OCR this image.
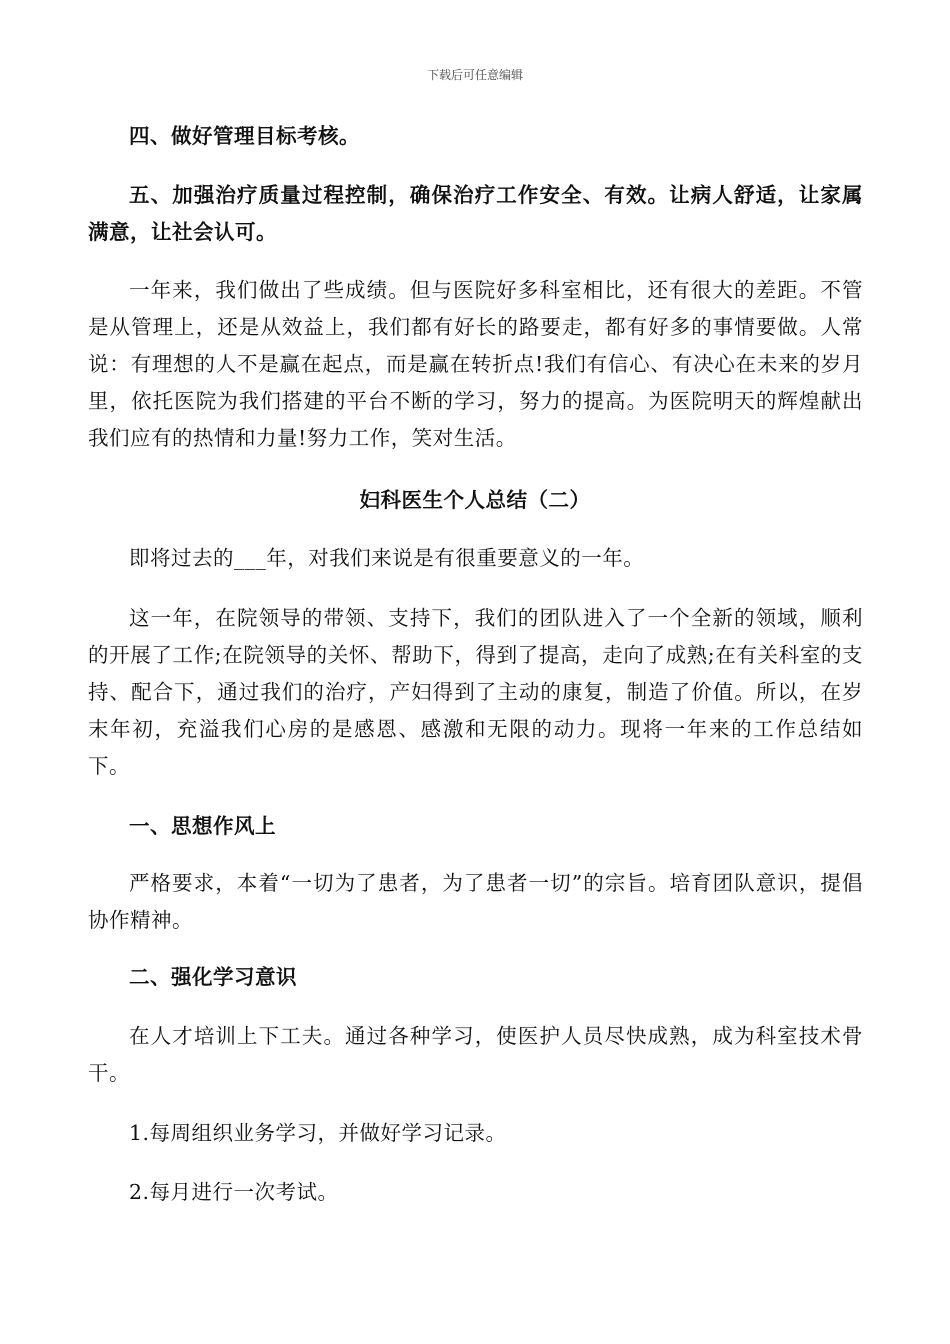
下载后可任意编辑
四、做好管理目标考核。
五、加强治疗质量过程控制，确保治疗工作安全、有效。让病人舒适，让家属满意，让社会认可。
一年来，我们做出了些成绩。但与医院好多科室相比，还有很大的差距。不管是从管理上，还是从效益上，我们都有好长的路要走，都有好多的事情要做。人常说：有理想的人不是赢在起点，而是赢在转折点!我们有信心、有决心在未来的岁月里，依托医院为我们搭建的平台不断的学习，努力的提高。为医院明天的辉煌献出我们应有的热情和力量!努力工作，笑对生活。
妇科医生个人总结（二）
即将过去的___年，对我们来说是有很重要意义的一年。
这一年，在院领导的带领、支持下，我们的团队进入了一个全新的领域，顺利的开展了工作;在院领导的关怀、帮助下，得到了提高，走向了成熟;在有关科室的支持、配合下，通过我们的治疗，产妇得到了主动的康复，制造了价值。所以，在岁末年初，充溢我们心房的是感恩、感激和无限的动力。现将一年来的工作总结如下。
一、思想作风上
严格要求，本着“一切为了患者，为了患者一切”的宗旨。培育团队意识，提倡协作精神。
二、强化学习意识
在人才培训上下工夫。通过各种学习，使医护人员尽快成熟，成为科室技术骨干。
1.每周组织业务学习，并做好学习记录。
2.每月进行一次考试。
